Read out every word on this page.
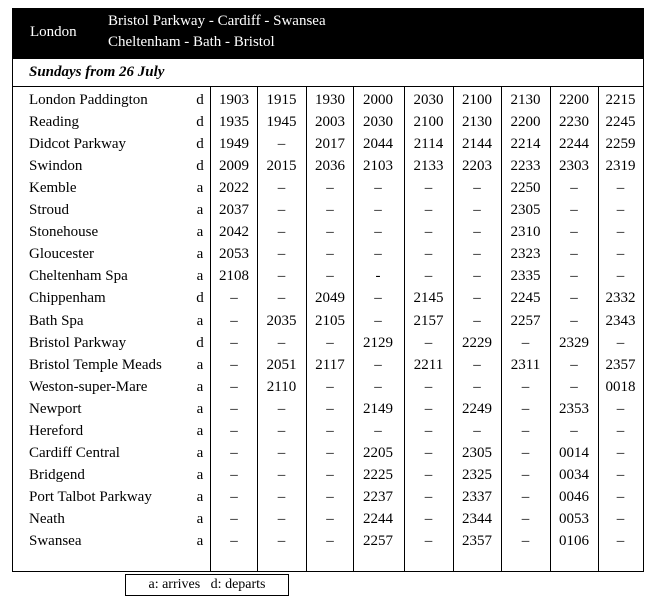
London
Bristol Parkway - Cardiff - Swansea
Cheltenham - Bath - Bristol
Sundays from 26 July
London Paddington	d	1903	1915	1930	2000	2030	2100	2130	2200	2215
Reading	d	1935	1945	2003	2030	2100	2130	2200	2230	2245
Didcot Parkway	d	1949	–	2017	2044	2114	2144	2214	2244	2259
Swindon	d	2009	2015	2036	2103	2133	2203	2233	2303	2319
Kemble	a	2022	–	–	–	–	–	2250	–	–
Stroud	a	2037	–	–	–	–	–	2305	–	–
Stonehouse	a	2042	–	–	–	–	–	2310	–	–
Gloucester	a	2053	–	–	–	–	–	2323	–	–
Cheltenham Spa	a	2108	–	–	-	–	–	2335	–	–
Chippenham	d	–	–	2049	–	2145	–	2245	–	2332
Bath Spa	a	–	2035	2105	–	2157	–	2257	–	2343
Bristol Parkway	d	–	–	–	2129	–	2229	–	2329	–
Bristol Temple Meads a	–	2051	2117	–	2211	–	2311	–	2357
Weston-super-Mare	a	–	2110	–	–	–	–	–	–	0018
Newport	a	–	–	–	2149	–	2249	–	2353	–
Hereford	a	–	–	–	–	–	–	–	–	–
Cardiff Central	a	–	–	–	2205	–	2305	–	0014	–
Bridgend	a	–	–	–	2225	–	2325	–	0034	–
Port Talbot Parkway	a	–	–	–	2237	–	2337	–	0046	–
Neath	a	–	–	–	2244	–	2344	–	0053	–
Swansea	a	–	–	–	2257	–	2357	–	0106	–
a: arrives   d: departs
